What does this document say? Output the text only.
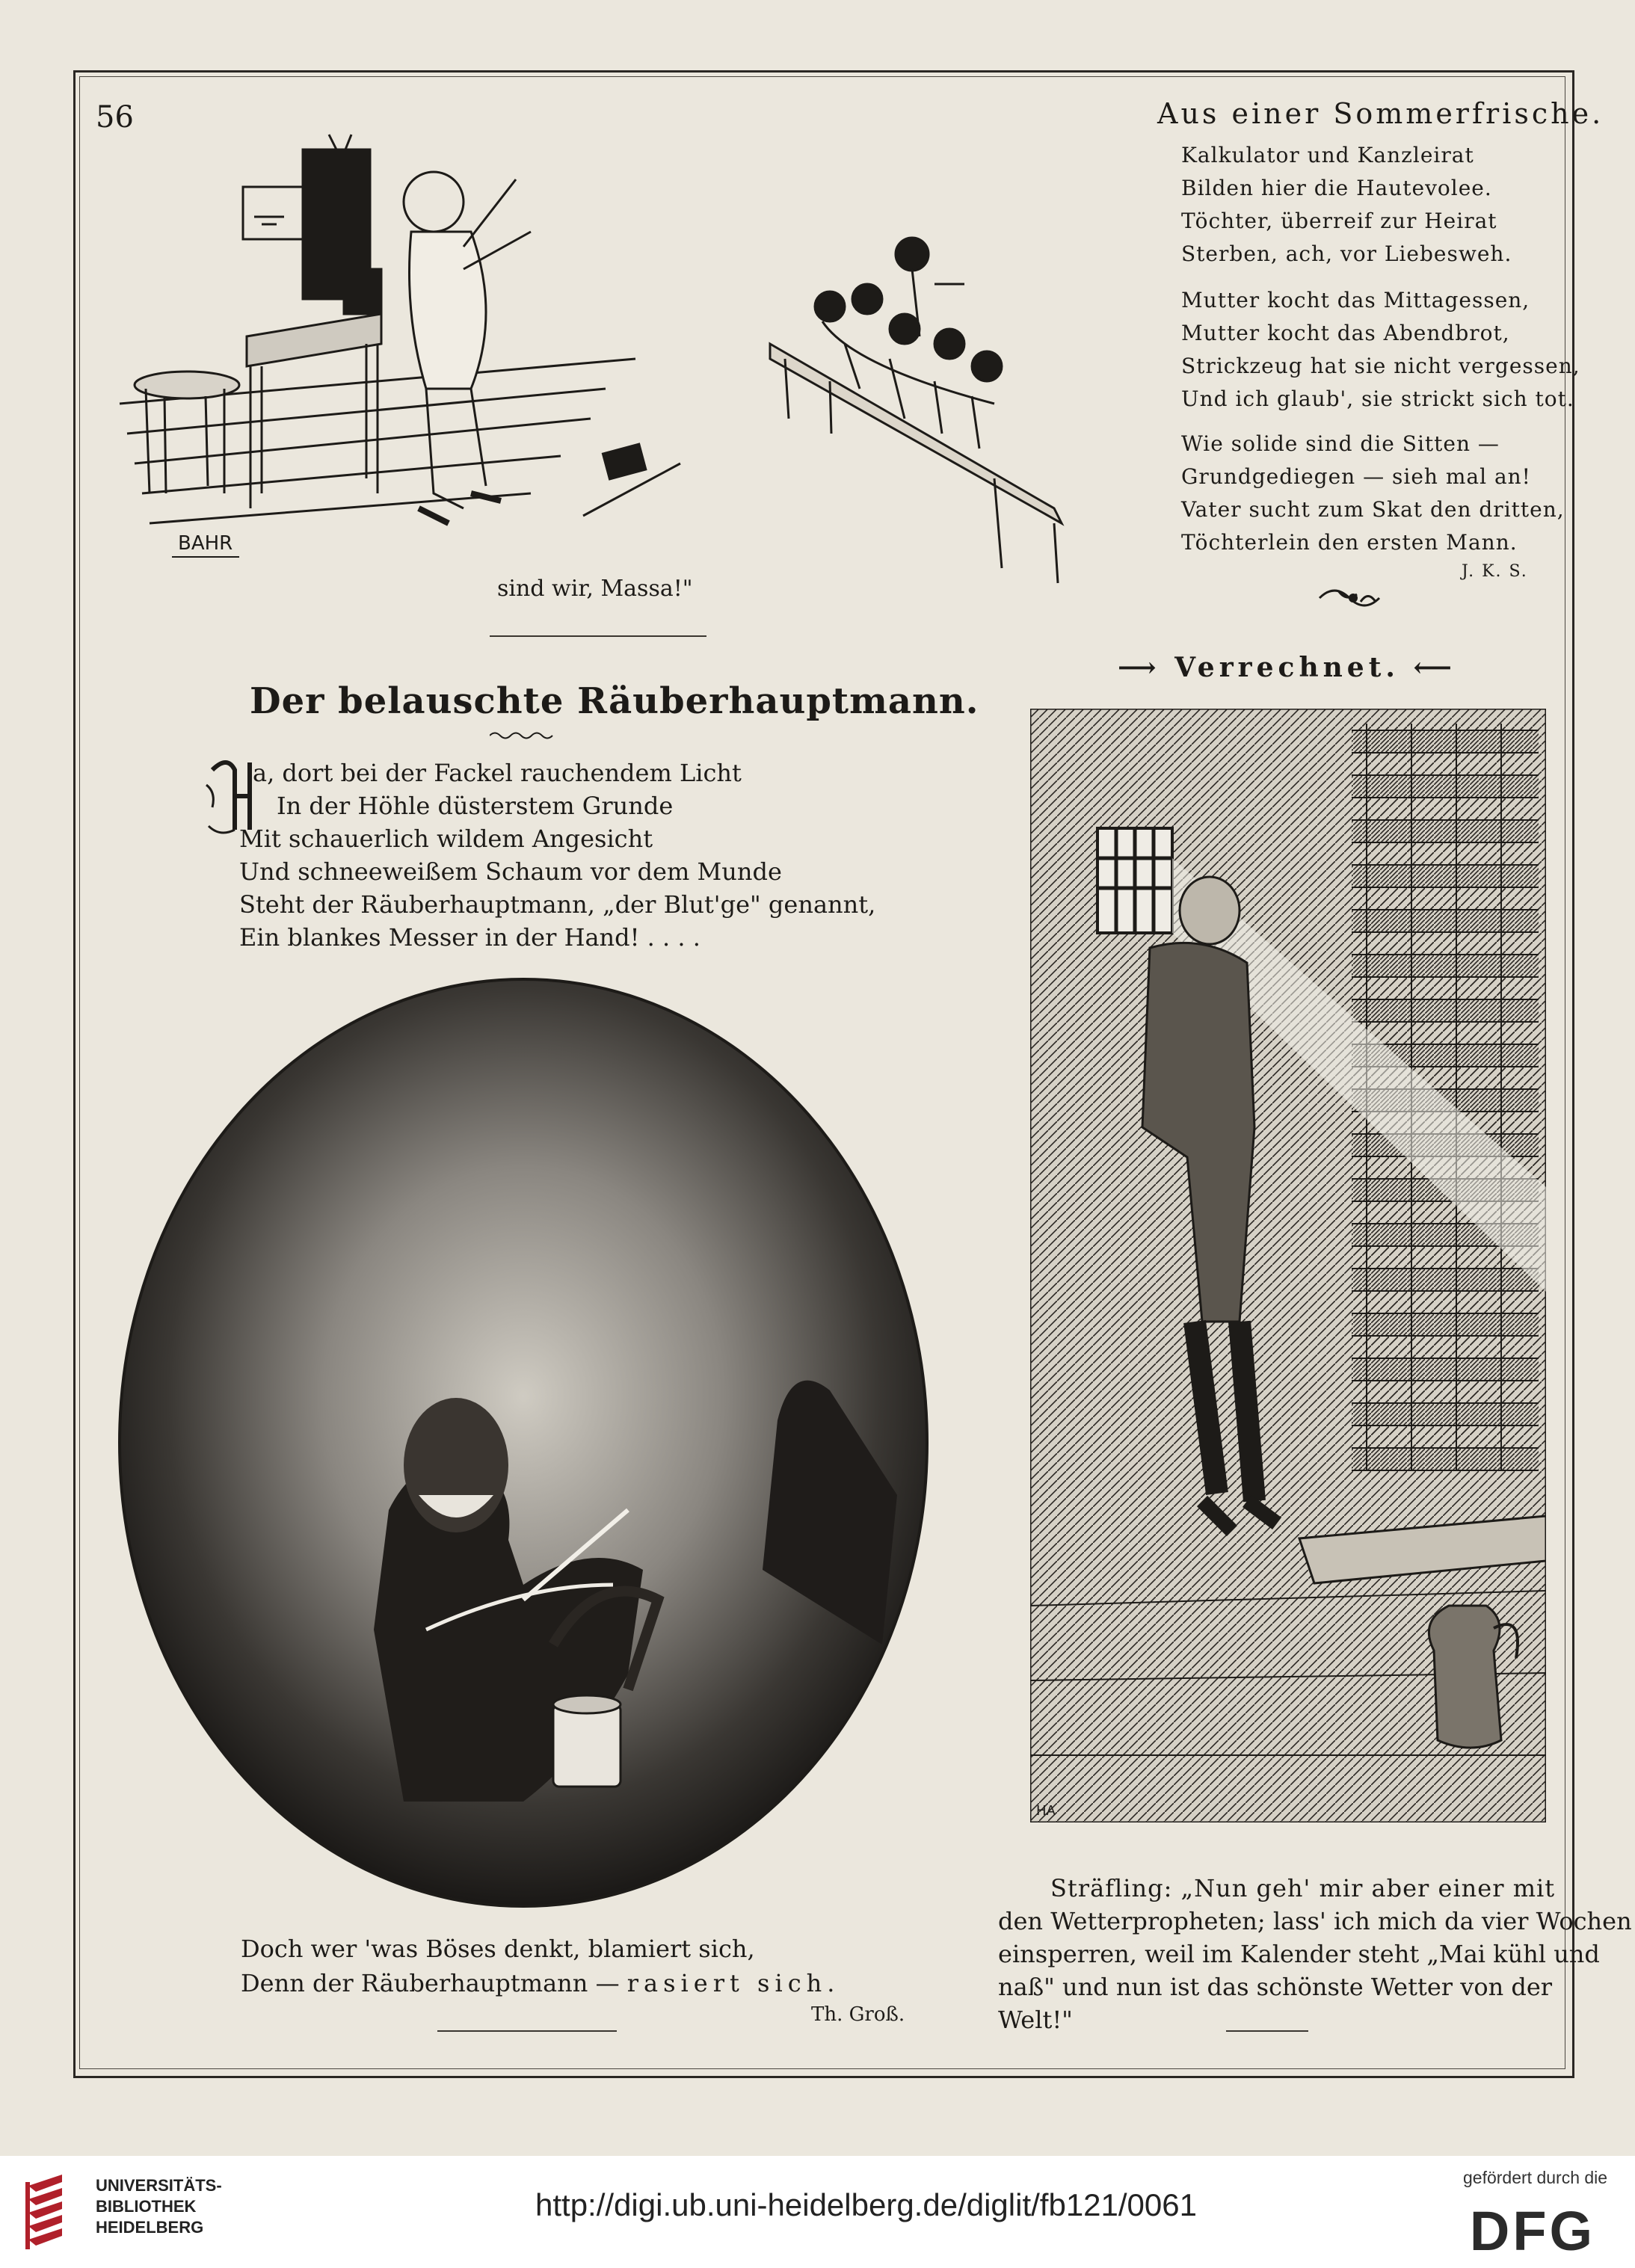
56
BAHR
sind wir, Massa!"
Aus einer Sommerfrische.
Kalkulator und Kanzleirat
Bilden hier die Hautevolee.
Töchter, überreif zur Heirat
Sterben, ach, vor Liebesweh.
Mutter kocht das Mittagessen,
Mutter kocht das Abendbrot,
Strickzeug hat sie nicht vergessen,
Und ich glaub', sie strickt sich tot.
Wie solide sind die Sitten —
Grundgediegen — sieh mal an!
Vater sucht zum Skat den dritten,
Töchterlein den ersten Mann.
J. K. S.
⟶ Verrechnet. ⟵
Der belauschte Räuberhauptmann.
a, dort bei der Fackel rauchendem Licht
In der Höhle düsterstem Grunde
Mit schauerlich wildem Angesicht
Und schneeweißem Schaum vor dem Munde
Steht der Räuberhauptmann, „der Blut'ge" genannt,
Ein blankes Messer in der Hand! . . . .
Doch wer 'was Böses denkt, blamiert sich,
Denn der Räuberhauptmann — rasiert sich.
Th. Groß.
HA
Sträfling: „Nun geh' mir aber einer mit
den Wetterpropheten; lass' ich mich da vier Wochen
einsperren, weil im Kalender steht „Mai kühl und
naß" und nun ist das schönste Wetter von der
Welt!"
UNIVERSITÄTS-
BIBLIOTHEK
HEIDELBERG
http://digi.ub.uni-heidelberg.de/diglit/fb121/0061
gefördert durch die
DFG
